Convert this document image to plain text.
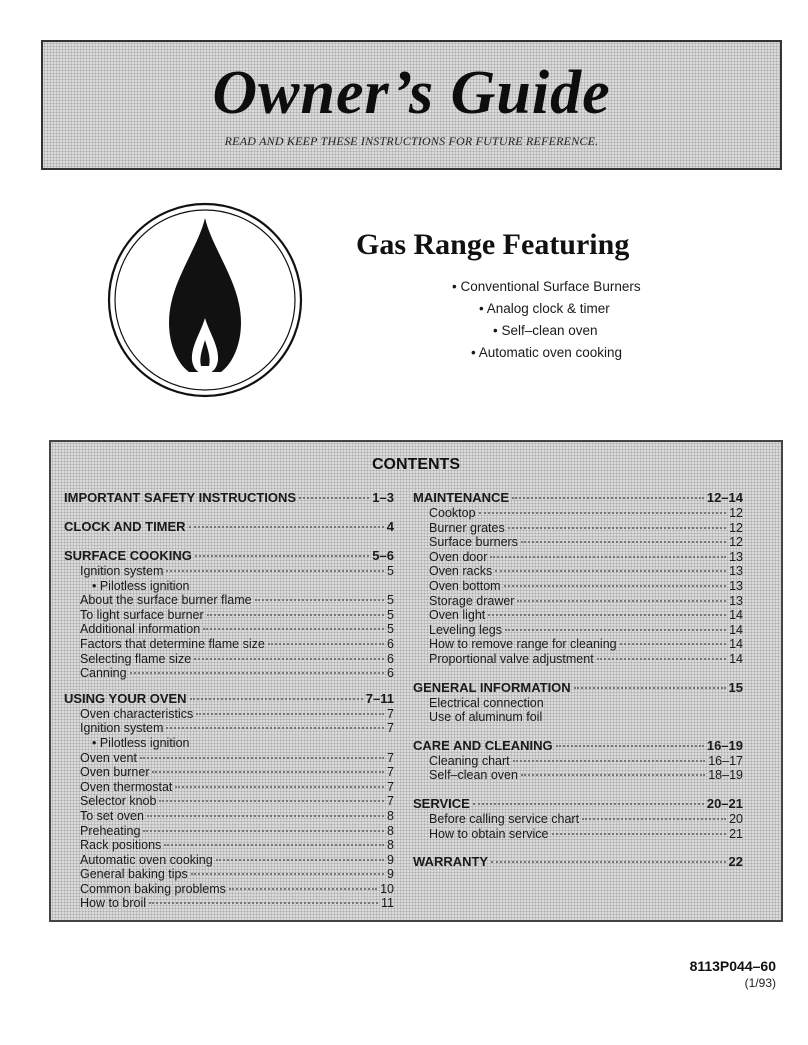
Owner’s Guide
READ AND KEEP THESE INSTRUCTIONS FOR FUTURE REFERENCE.
Gas Range Featuring
• Conventional Surface Burners
• Analog clock & timer
• Self–clean oven
• Automatic oven cooking
CONTENTS
IMPORTANT SAFETY INSTRUCTIONS	1–3
CLOCK AND TIMER	4
SURFACE COOKING	5–6
Ignition system	5
• Pilotless ignition
About the surface burner flame	5
To light surface burner	5
Additional information	5
Factors that determine flame size	6
Selecting flame size	6
Canning	6
USING YOUR OVEN	7–11
Oven characteristics	7
Ignition system	7
• Pilotless ignition
Oven vent	7
Oven burner	7
Oven thermostat	7
Selector knob	7
To set oven	8
Preheating	8
Rack positions	8
Automatic oven cooking	9
General baking tips	9
Common baking problems	10
How to broil	11
MAINTENANCE	12–14
Cooktop	12
Burner grates	12
Surface burners	12
Oven door	13
Oven racks	13
Oven bottom	13
Storage drawer	13
Oven light	14
Leveling legs	14
How to remove range for cleaning	14
Proportional valve adjustment	14
GENERAL INFORMATION	15
Electrical connection
Use of aluminum foil
CARE AND CLEANING	16–19
Cleaning chart	16–17
Self–clean oven	18–19
SERVICE	20–21
Before calling service chart	20
How to obtain service	21
WARRANTY	22
8113P044–60
(1/93)
